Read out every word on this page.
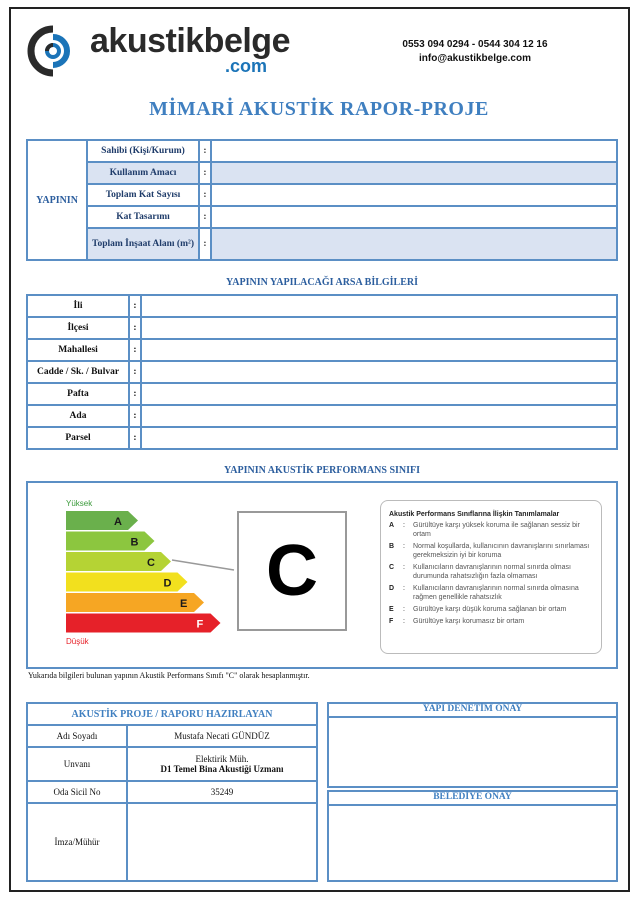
akustikbelge
.com
0553 094 0294 - 0544 304 12 16
info@akustikbelge.com
MİMARİ AKUSTİK RAPOR-PROJE
YAPININ	Sahibi (Kişi/Kurum)	:	
	Kullanım Amacı	:	
	Toplam Kat Sayısı	:	
	Kat Tasarımı	:	
	Toplam İnşaat Alanı (m²)	:	
YAPININ YAPILACAĞI ARSA BİLGİLERİ
İli	:	
İlçesi	:	
Mahallesi	:	
Cadde / Sk. / Bulvar	:	
Pafta	:	
Ada	:	
Parsel	:	
YAPININ AKUSTİK PERFORMANS SINIFI
Yüksek
A
B
C
D
E
F
Düşük
C
Akustik Performans Sınıflarına İlişkin Tanımlamalar
A	:	Gürültüye karşı yüksek koruma ile sağlanan sessiz bir ortam
B	:	Normal koşullarda, kullanıcının davranışlarını sınırlaması gerekmeksizin iyi bir koruma
C	:	Kullanıcıların davranışlarının normal sınırda olması durumunda rahatsızlığın fazla olmaması
D	:	Kullanıcıların davranışlarının normal sınırda olmasına rağmen genellikle rahatsızlık
E	:	Gürültüye karşı düşük koruma sağlanan bir ortam
F	:	Gürültüye karşı korumasız bir ortam
Yukarıda bilgileri bulunan yapının Akustik Performans Sınıfı "C" olarak hesaplanmıştır.
AKUSTİK PROJE / RAPORU HAZIRLAYAN	
Adı Soyadı	Mustafa Necati GÜNDÜZ
Unvanı	Elektirik Müh.
D1 Temel Bina Akustiği Uzmanı

Oda Sicil No	35249
İmza/Mühür	
YAPI DENETİM ONAY
BELEDİYE ONAY
